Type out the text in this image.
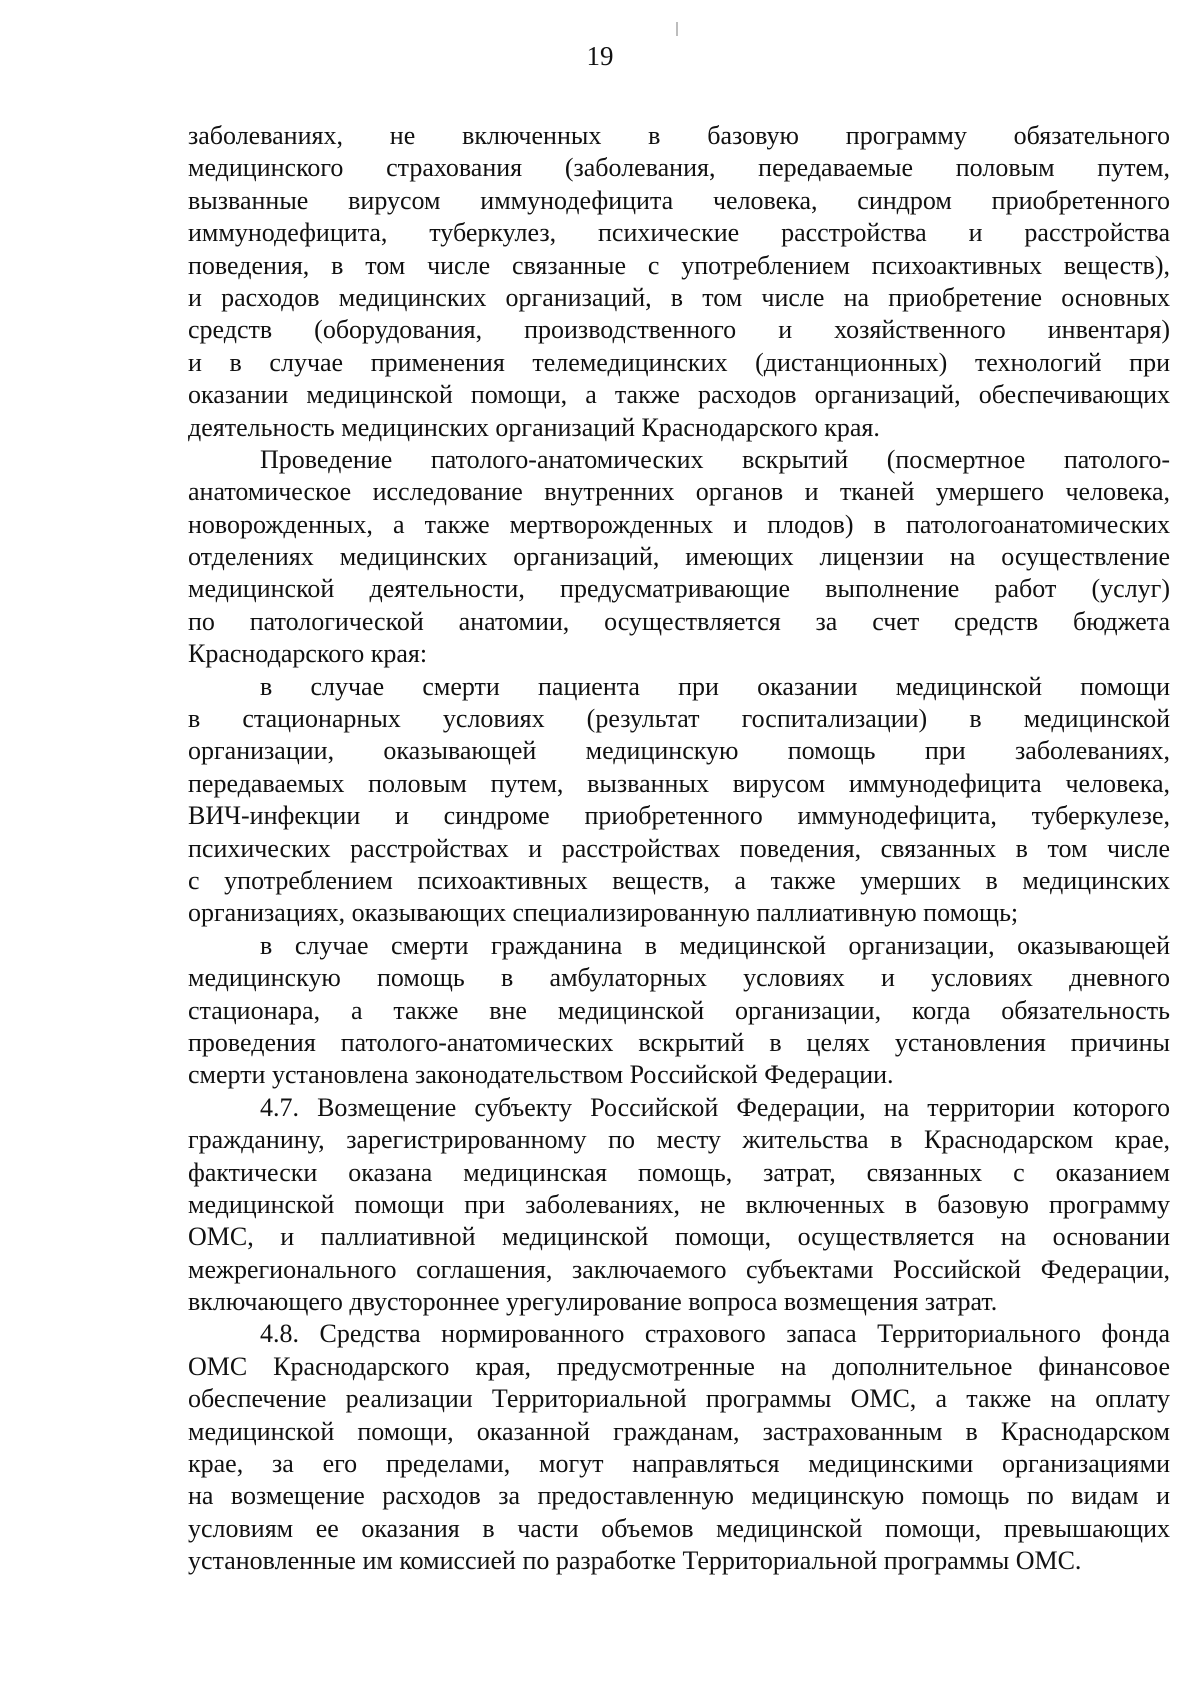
19
заболеваниях, не включенных в базовую программу обязательного
медицинского страхования (заболевания, передаваемые половым путем,
вызванные вирусом иммунодефицита человека, синдром приобретенного
иммунодефицита, туберкулез, психические расстройства и расстройства
поведения, в том числе связанные с употреблением психоактивных веществ),
и расходов медицинских организаций, в том числе на приобретение основных
средств (оборудования, производственного и хозяйственного инвентаря)
и в случае применения телемедицинских (дистанционных) технологий при
оказании медицинской помощи, а также расходов организаций, обеспечивающих
деятельность медицинских организаций Краснодарского края.
Проведение патолого-анатомических вскрытий (посмертное патолого-
анатомическое исследование внутренних органов и тканей умершего человека,
новорожденных, а также мертворожденных и плодов) в патологоанатомических
отделениях медицинских организаций, имеющих лицензии на осуществление
медицинской деятельности, предусматривающие выполнение работ (услуг)
по патологической анатомии, осуществляется за счет средств бюджета
Краснодарского края:
в случае смерти пациента при оказании медицинской помощи
в стационарных условиях (результат госпитализации) в медицинской
организации, оказывающей медицинскую помощь при заболеваниях,
передаваемых половым путем, вызванных вирусом иммунодефицита человека,
ВИЧ-инфекции и синдроме приобретенного иммунодефицита, туберкулезе,
психических расстройствах и расстройствах поведения, связанных в том числе
с употреблением психоактивных веществ, а также умерших в медицинских
организациях, оказывающих специализированную паллиативную помощь;
в случае смерти гражданина в медицинской организации, оказывающей
медицинскую помощь в амбулаторных условиях и условиях дневного
стационара, а также вне медицинской организации, когда обязательность
проведения патолого-анатомических вскрытий в целях установления причины
смерти установлена законодательством Российской Федерации.
4.7. Возмещение субъекту Российской Федерации, на территории которого
гражданину, зарегистрированному по месту жительства в Краснодарском крае,
фактически оказана медицинская помощь, затрат, связанных с оказанием
медицинской помощи при заболеваниях, не включенных в базовую программу
ОМС, и паллиативной медицинской помощи, осуществляется на основании
межрегионального соглашения, заключаемого субъектами Российской Федерации,
включающего двустороннее урегулирование вопроса возмещения затрат.
4.8. Средства нормированного страхового запаса Территориального фонда
ОМС Краснодарского края, предусмотренные на дополнительное финансовое
обеспечение реализации Территориальной программы ОМС, а также на оплату
медицинской помощи, оказанной гражданам, застрахованным в Краснодарском
крае, за его пределами, могут направляться медицинскими организациями
на возмещение расходов за предоставленную медицинскую помощь по видам и
условиям ее оказания в части объемов медицинской помощи, превышающих
установленные им комиссией по разработке Территориальной программы ОМС.
